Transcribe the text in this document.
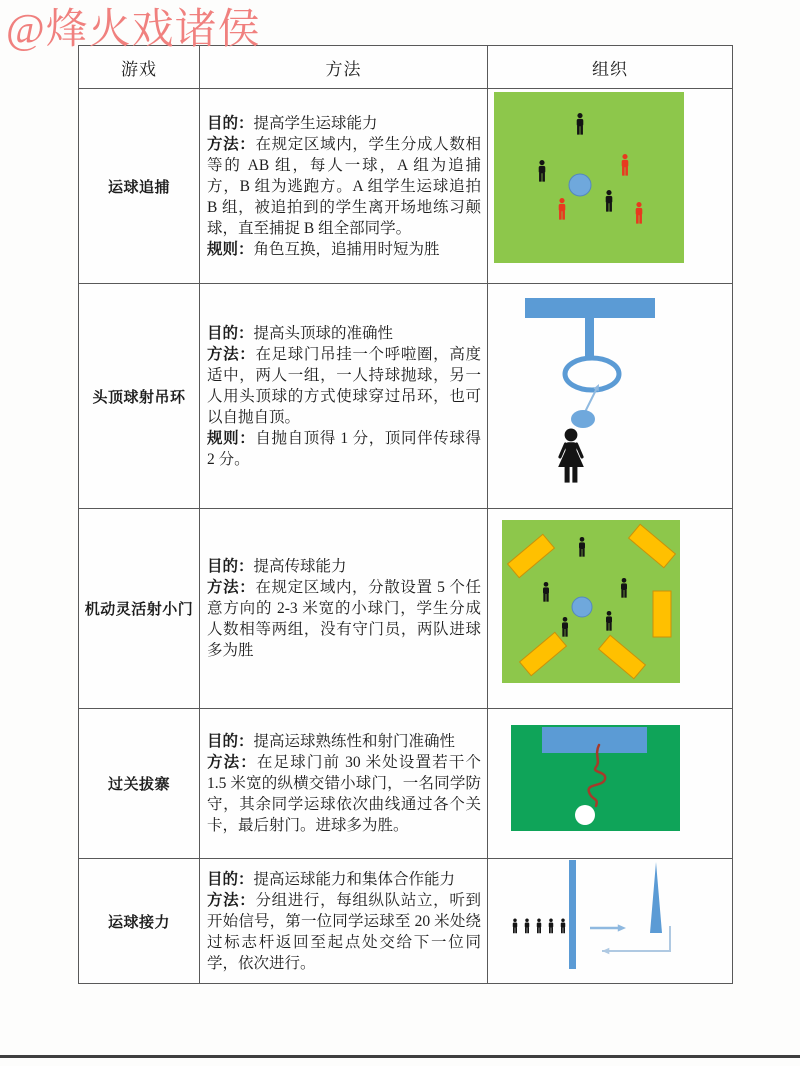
@烽火戏诸侯
游戏	方法	组织
运球追捕

目的：提高学生运球能力

方法：在规定区域内，学生分成人数相等的 AB 组，每人一球，A 组为追捕方，B 组为逃跑方。A 组学生运球追拍 B 组，被追拍到的学生离开场地练习颠球，直至捕捉 B 组全部同学。

规则：角色互换，追捕用时短为胜

头顶球射吊环

目的：提高头顶球的准确性

方法：在足球门吊挂一个呼啦圈，高度适中，两人一组，一人持球抛球，另一人用头顶球的方式使球穿过吊环，也可以自抛自顶。

规则：自抛自顶得 1 分，顶同伴传球得 2 分。

机动灵活射小门

目的：提高传球能力

方法：在规定区域内，分散设置 5 个任意方向的 2-3 米宽的小球门，学生分成人数相等两组，没有守门员，两队进球多为胜

过关拔寨

目的：提高运球熟练性和射门准确性

方法：在足球门前 30 米处设置若干个 1.5 米宽的纵横交错小球门，一名同学防守，其余同学运球依次曲线通过各个关卡，最后射门。进球多为胜。

运球接力

目的：提高运球能力和集体合作能力

方法：分组进行，每组纵队站立，听到开始信号，第一位同学运球至 20 米处绕过标志杆返回至起点处交给下一位同学，依次进行。
